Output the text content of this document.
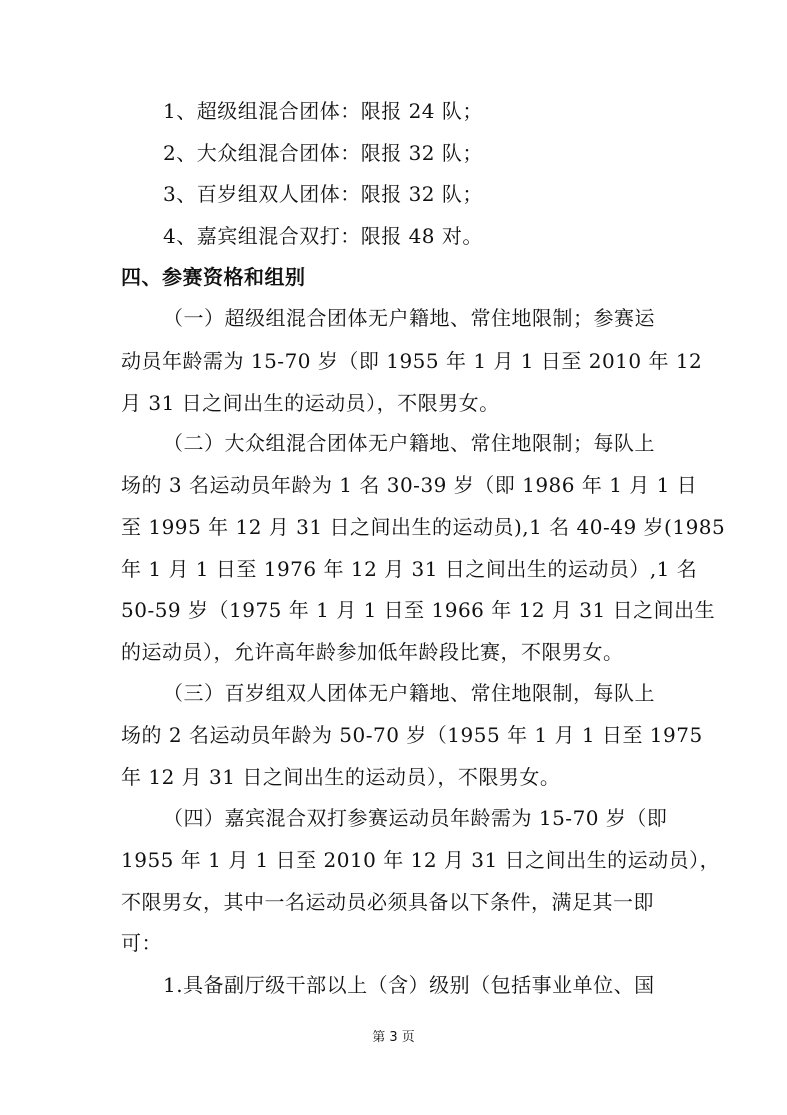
1、超级组混合团体：限报 24 队；
2、大众组混合团体：限报 32 队；
3、百岁组双人团体：限报 32 队；
4、嘉宾组混合双打：限报 48 对。
四、参赛资格和组别
（一）超级组混合团体无户籍地、常住地限制；参赛运
动员年龄需为 15-70 岁（即 1955 年 1 月 1 日至 2010 年 12
月 31 日之间出生的运动员），不限男女。
（二）大众组混合团体无户籍地、常住地限制；每队上
场的 3 名运动员年龄为 1 名 30-39 岁（即 1986 年 1 月 1 日
至 1995 年 12 月 31 日之间出生的运动员),1 名 40-49 岁(1985
年 1 月 1 日至 1976 年 12 月 31 日之间出生的运动员）,1 名
50-59 岁（1975 年 1 月 1 日至 1966 年 12 月 31 日之间出生
的运动员），允许高年龄参加低年龄段比赛，不限男女。
（三）百岁组双人团体无户籍地、常住地限制，每队上
场的 2 名运动员年龄为 50-70 岁（1955 年 1 月 1 日至 1975
年 12 月 31 日之间出生的运动员），不限男女。
（四）嘉宾混合双打参赛运动员年龄需为 15-70 岁（即
1955 年 1 月 1 日至 2010 年 12 月 31 日之间出生的运动员），
不限男女，其中一名运动员必须具备以下条件，满足其一即
可：
1.具备副厅级干部以上（含）级别（包括事业单位、国
第 3 页
